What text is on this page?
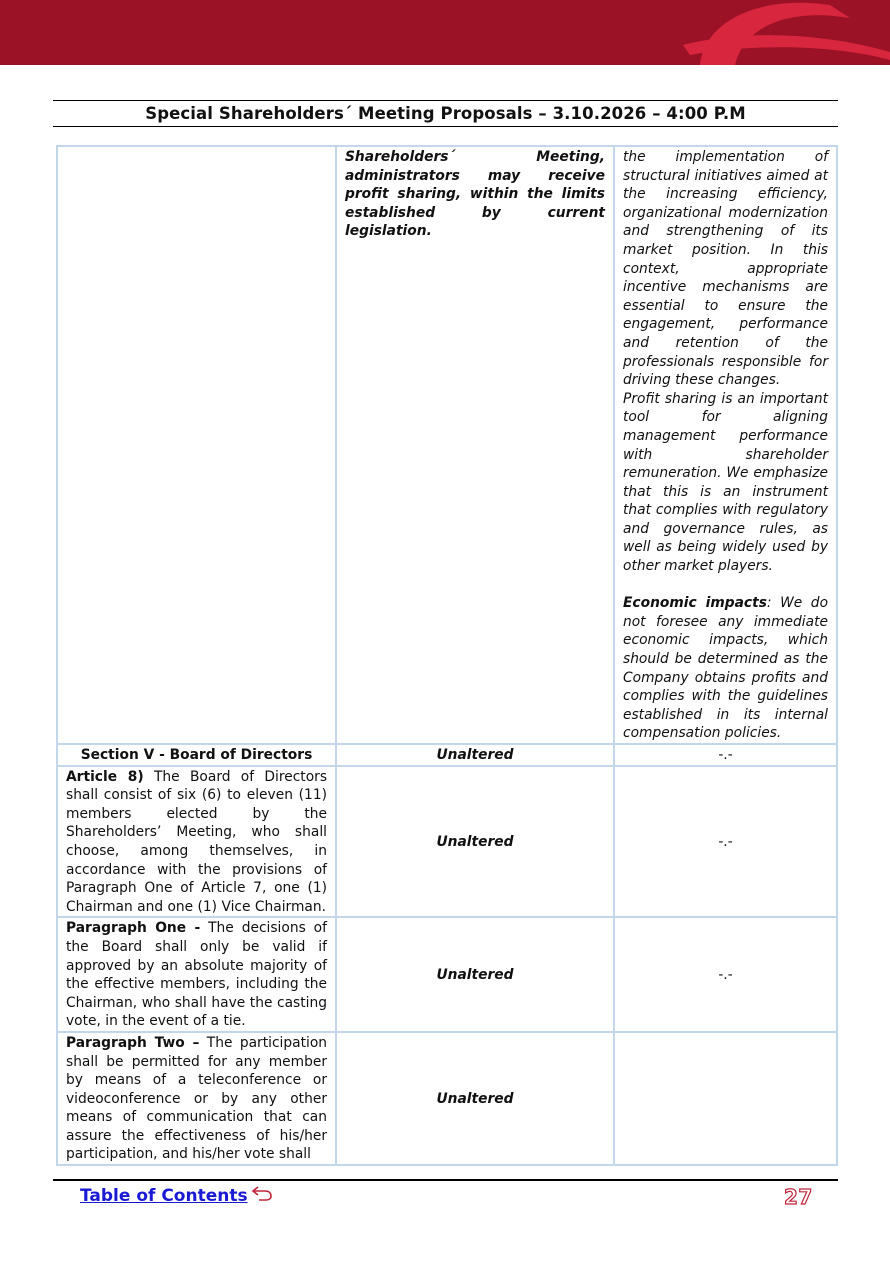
Special Shareholders´ Meeting Proposals – 3.10.2026 – 4:00 P.M
	Shareholders´ Meeting, administrators may receive profit sharing, within the limits established by current legislation.	the implementation of structural initiatives aimed at the increasing efficiency, organizational modernization and strengthening of its market position. In this context, appropriate incentive mechanisms are essential to ensure the engagement, performance and retention of the professionals responsible for driving these changes.
Profit sharing is an important tool for aligning management performance with shareholder remuneration. We emphasize that this is an instrument that complies with regulatory and governance rules, as well as being widely used by other market players.
Economic impacts: We do not foresee any immediate economic impacts, which should be determined as the Company obtains profits and complies with the guidelines established in its internal compensation policies.
Section V - Board of Directors	Unaltered	-.-
Article 8) The Board of Directors shall consist of six (6) to eleven (11) members elected by the Shareholders’ Meeting, who shall choose, among themselves, in accordance with the provisions of Paragraph One of Article 7, one (1) Chairman and one (1) Vice Chairman.	Unaltered	-.-
Paragraph One - The decisions of the Board shall only be valid if approved by an absolute majority of the effective members, including the Chairman, who shall have the casting vote, in the event of a tie.	Unaltered	-.-
Paragraph Two – The participation shall be permitted for any member by means of a teleconference or videoconference or by any other means of communication that can assure the effectiveness of his/her participation, and his/her vote shall	Unaltered	
Table of Contents	27
